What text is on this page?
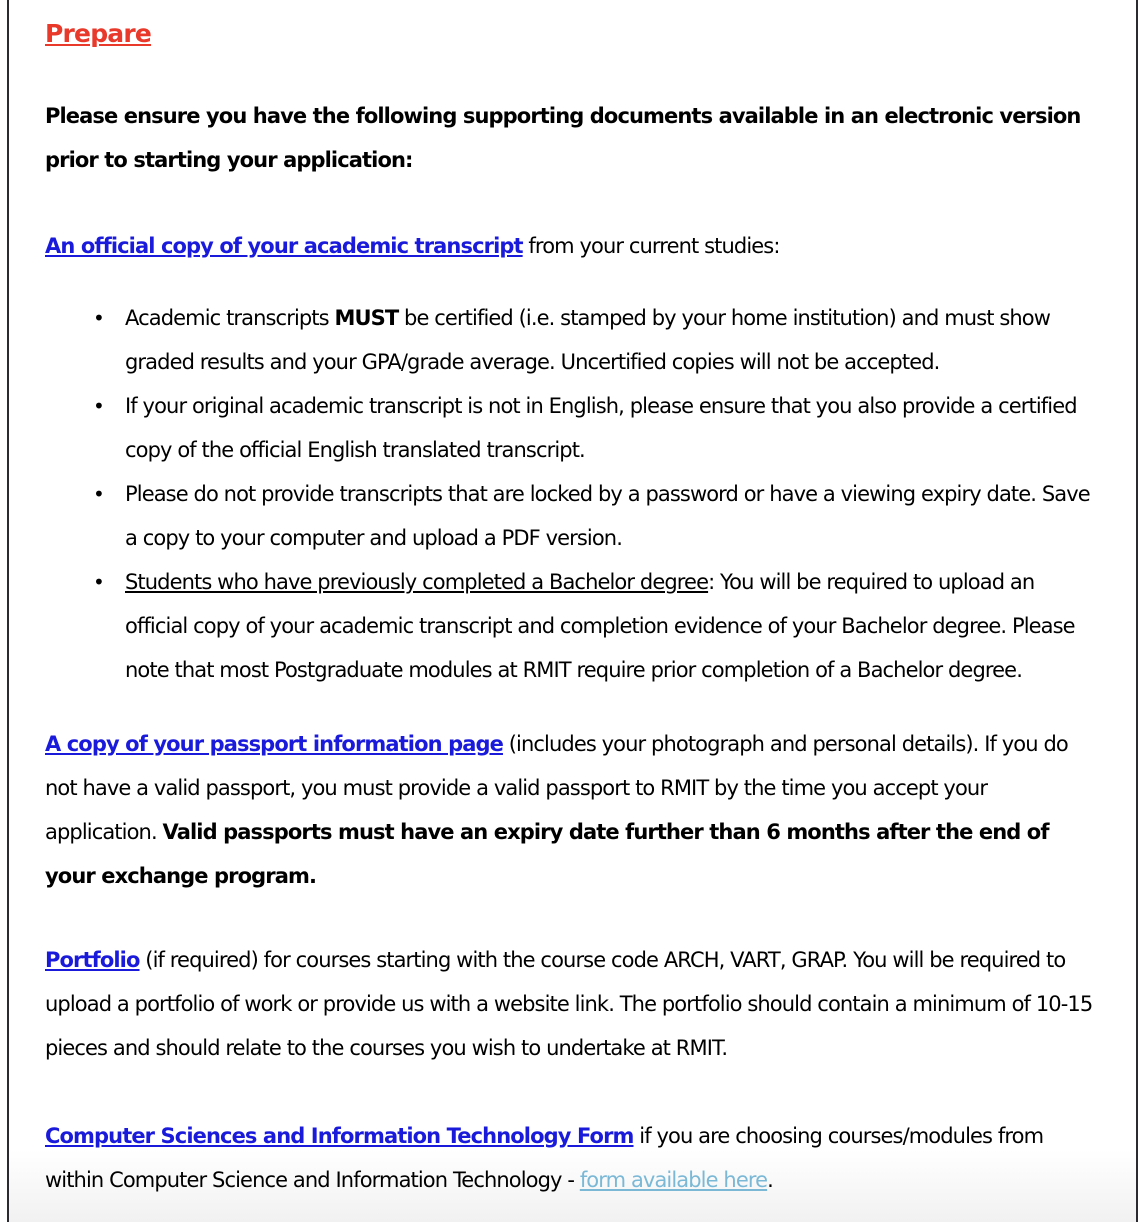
Prepare

Please ensure you have the following supporting documents available in an electronic version prior to starting your application:

An official copy of your academic transcript from your current studies:

• Academic transcripts MUST be certified (i.e. stamped by your home institution) and must show graded results and your GPA/grade average. Uncertified copies will not be accepted.
• If your original academic transcript is not in English, please ensure that you also provide a certified copy of the official English translated transcript.
• Please do not provide transcripts that are locked by a password or have a viewing expiry date. Save a copy to your computer and upload a PDF version.
• Students who have previously completed a Bachelor degree: You will be required to upload an official copy of your academic transcript and completion evidence of your Bachelor degree. Please note that most Postgraduate modules at RMIT require prior completion of a Bachelor degree.

A copy of your passport information page (includes your photograph and personal details). If you do not have a valid passport, you must provide a valid passport to RMIT by the time you accept your application. Valid passports must have an expiry date further than 6 months after the end of your exchange program.

Portfolio (if required) for courses starting with the course code ARCH, VART, GRAP. You will be required to upload a portfolio of work or provide us with a website link. The portfolio should contain a minimum of 10-15 pieces and should relate to the courses you wish to undertake at RMIT.

Computer Sciences and Information Technology Form if you are choosing courses/modules from within Computer Science and Information Technology - form available here.
